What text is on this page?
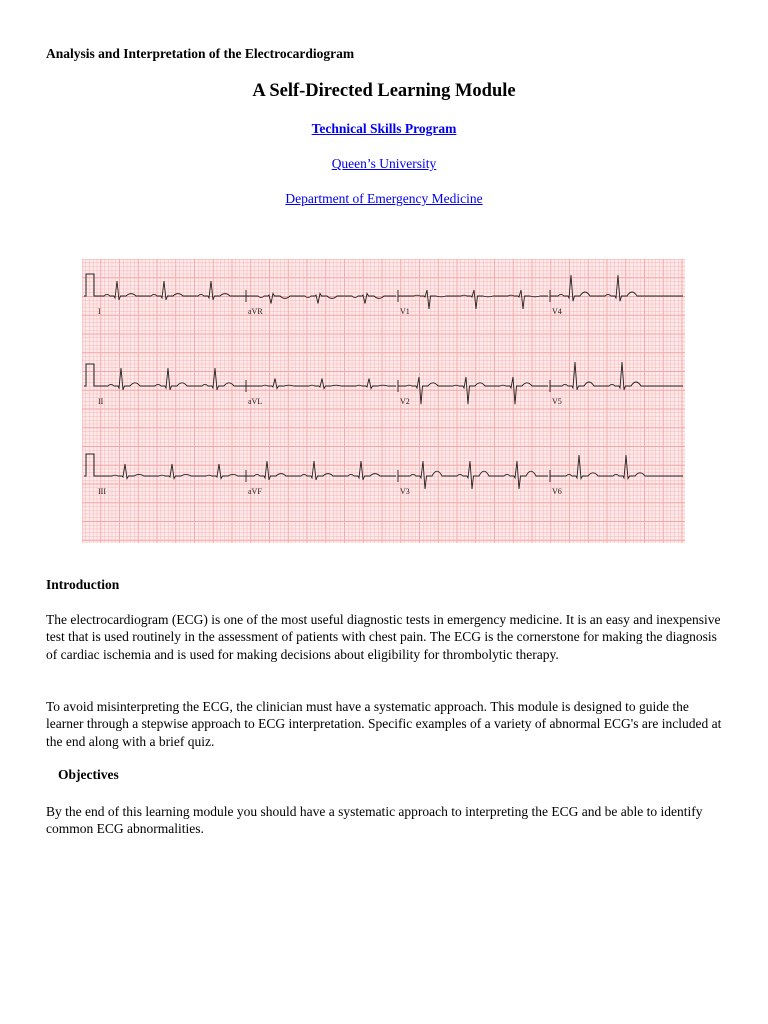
Analysis and Interpretation of the Electrocardiogram
A Self-Directed Learning Module
Technical Skills Program
Queen’s University
Department of Emergency Medicine
I	aVR	V1	V4
II	aVL	V2	V5
III	aVF	V3	V6
Introduction

The electrocardiogram (ECG) is one of the most useful diagnostic tests in emergency medicine. It is an easy and inexpensive test that is used routinely in the assessment of patients with chest pain. The ECG is the cornerstone for making the diagnosis of cardiac ischemia and is used for making decisions about eligibility for thrombolytic therapy.

To avoid misinterpreting the ECG, the clinician must have a systematic approach. This module is designed to guide the learner through a stepwise approach to ECG interpretation. Specific examples of a variety of abnormal ECG's are included at the end along with a brief quiz.

Objectives

By the end of this learning module you should have a systematic approach to interpreting the ECG and be able to identify common ECG abnormalities.
